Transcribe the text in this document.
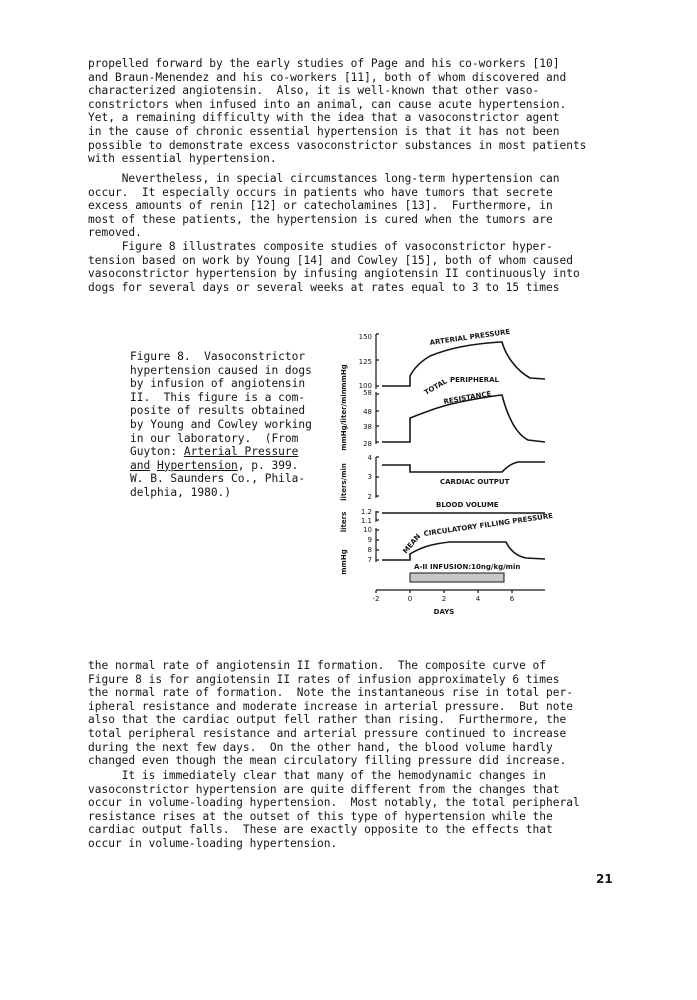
propelled forward by the early studies of Page and his co-workers [10]
and Braun-Menendez and his co-workers [11], both of whom discovered and
characterized angiotensin.  Also, it is well-known that other vaso-
constrictors when infused into an animal, can cause acute hypertension.
Yet, a remaining difficulty with the idea that a vasoconstrictor agent
in the cause of chronic essential hypertension is that it has not been
possible to demonstrate excess vasoconstrictor substances in most patients
with essential hypertension.

Nevertheless, in special circumstances long-term hypertension can
occur.  It especially occurs in patients who have tumors that secrete
excess amounts of renin [12] or catecholamines [13].  Furthermore, in
most of these patients, the hypertension is cured when the tumors are
removed.

Figure 8 illustrates composite studies of vasoconstrictor hyper-
tension based on work by Young [14] and Cowley [15], both of whom caused
vasoconstrictor hypertension by infusing angiotensin II continuously into
dogs for several days or several weeks at rates equal to 3 to 15 times

Figure 8.  Vasoconstrictor
hypertension caused in dogs
by infusion of angiotensin
II.  This figure is a com-
posite of results obtained
by Young and Cowley working
in our laboratory.  (From
Guyton: Arterial Pressure
and Hypertension, p. 399.
W. B. Saunders Co., Phila-
delphia, 1980.)

mmHg
mmHg/liter/min
liters/min
liters
mmHg
150
125
100
58
48
38
28
4
3
2
1.2
1.1
10
9
8
7
A-II INFUSION:10ng/kg/min
ARTERIAL PRESSURE
TOTAL PERIPHERAL
RESISTANCE
CARDIAC OUTPUT
BLOOD VOLUME
MEAN
CIRCULATORY FILLING PRESSURE
-2	0	2	4	6
DAYS

the normal rate of angiotensin II formation.  The composite curve of
Figure 8 is for angiotensin II rates of infusion approximately 6 times
the normal rate of formation.  Note the instantaneous rise in total per-
ipheral resistance and moderate increase in arterial pressure.  But note
also that the cardiac output fell rather than rising.  Furthermore, the
total peripheral resistance and arterial pressure continued to increase
during the next few days.  On the other hand, the blood volume hardly
changed even though the mean circulatory filling pressure did increase.

It is immediately clear that many of the hemodynamic changes in
vasoconstrictor hypertension are quite different from the changes that
occur in volume-loading hypertension.  Most notably, the total peripheral
resistance rises at the outset of this type of hypertension while the
cardiac output falls.  These are exactly opposite to the effects that
occur in volume-loading hypertension.

21
